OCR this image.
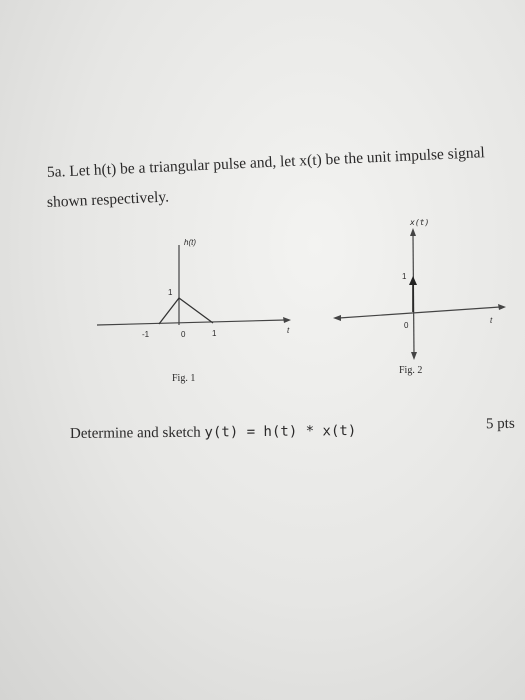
5a. Let h(t) be a triangular pulse and, let x(t) be the unit impulse signal
shown respectively.
h(t)
1
-1	0	1	t
Fig. 1
x(t)
1
0
t
Fig. 2
Determine and sketch y(t) = h(t) * x(t)	5 pts
